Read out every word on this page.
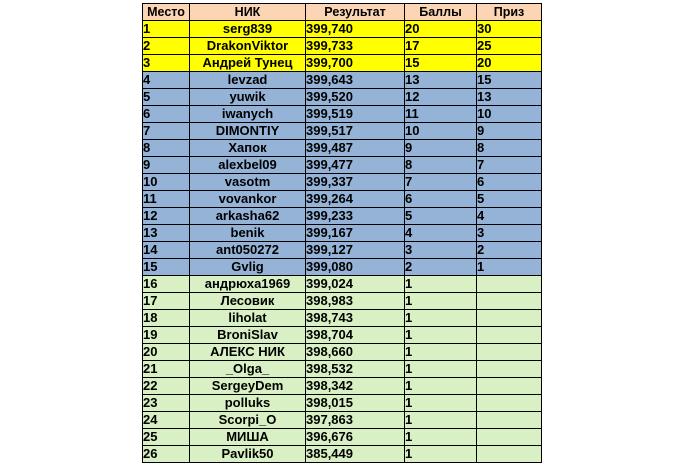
Место	НИК	Результат	Баллы	Приз
1	serg839	399,740	20	30
2	DrakonViktor	399,733	17	25
3	Андрей Тунец	399,700	15	20
4	levzad	399,643	13	15
5	yuwik	399,520	12	13
6	iwanych	399,519	11	10
7	DIMONTIY	399,517	10	9
8	Хапок	399,487	9	8
9	alexbel09	399,477	8	7
10	vasotm	399,337	7	6
11	vovankor	399,264	6	5
12	arkasha62	399,233	5	4
13	benik	399,167	4	3
14	ant050272	399,127	3	2
15	Gvlig	399,080	2	1
16	андрюха1969	399,024	1	
17	Лесовик	398,983	1	
18	liholat	398,743	1	
19	BroniSlav	398,704	1	
20	АЛЕКС НИК	398,660	1	
21	_Olga_	398,532	1	
22	SergeyDem	398,342	1	
23	polluks	398,015	1	
24	Scorpi_O	397,863	1	
25	МИША	396,676	1	
26	Pavlik50	385,449	1	
